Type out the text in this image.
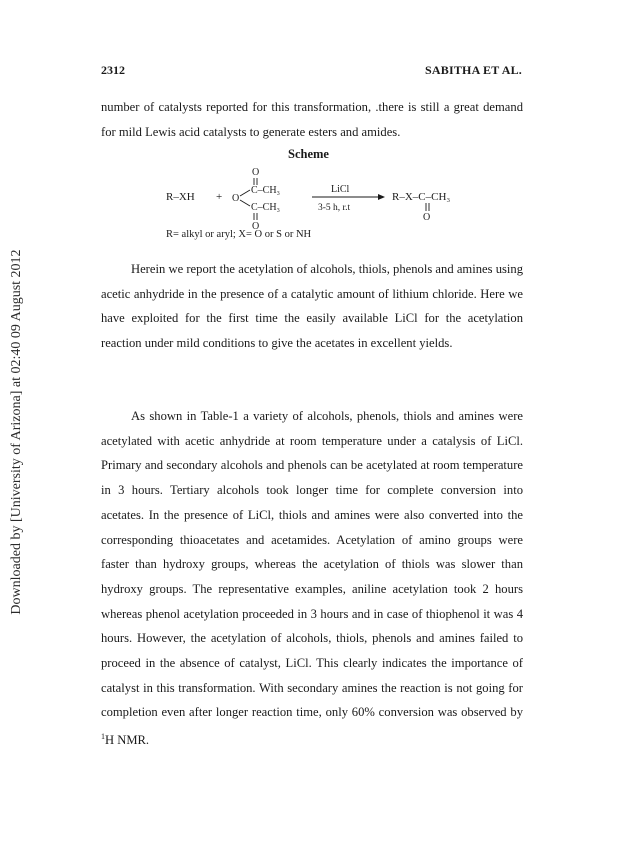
Downloaded by [University of Arizona] at 02:40 09 August 2012
2312	SABITHA ET AL.

number of catalysts reported for this transformation, .there is still a great demand for mild Lewis acid catalysts to generate esters and amides.

Scheme
R–XH +
O
C–CH₃
O
C–CH₃
O
LiCl
3-5 h, r.t
R–X–C–CH₃
O
R= alkyl or aryl; X= O or S or NH

Herein we report the acetylation of alcohols, thiols, phenols and amines using acetic anhydride in the presence of a catalytic amount of lithium chloride. Here we have exploited for the first time the easily available LiCl for the acetylation reaction under mild conditions to give the acetates in excellent yields.

As shown in Table-1 a variety of alcohols, phenols, thiols and amines were acetylated with acetic anhydride at room temperature under a catalysis of LiCl. Primary and secondary alcohols and phenols can be acetylated at room temperature in 3 hours. Tertiary alcohols took longer time for complete conversion into acetates. In the presence of LiCl, thiols and amines were also converted into the corresponding thioacetates and acetamides. Acetylation of amino groups were faster than hydroxy groups, whereas the acetylation of thiols was slower than hydroxy groups. The representative examples, aniline acetylation took 2 hours whereas phenol acetylation proceeded in 3 hours and in case of thiophenol it was 4 hours. However, the acetylation of alcohols, thiols, phenols and amines failed to proceed in the absence of catalyst, LiCl. This clearly indicates the importance of catalyst in this transformation. With secondary amines the reaction is not going for completion even after longer reaction time, only 60% conversion was observed by $^1$H NMR.
